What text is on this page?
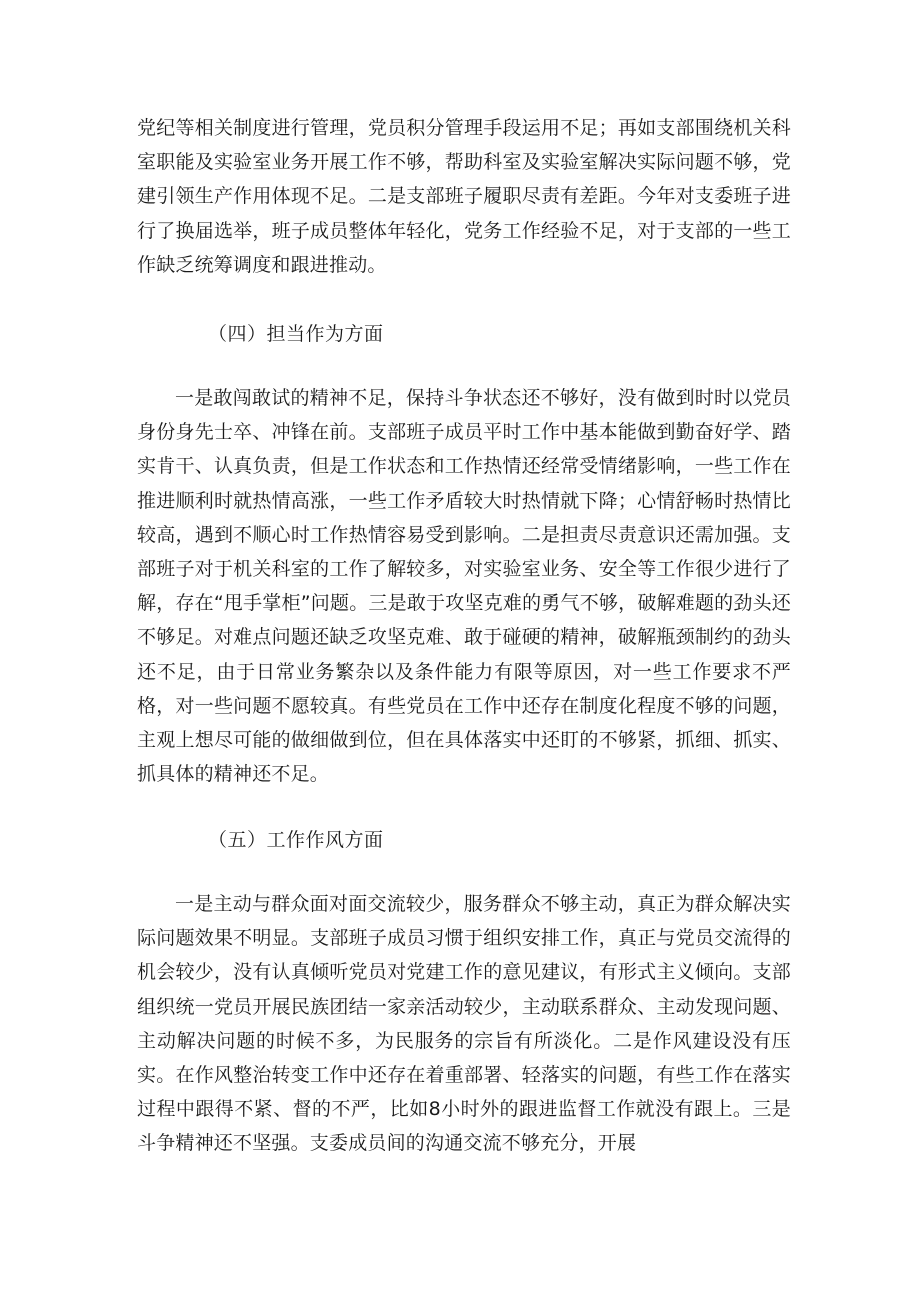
党纪等相关制度进行管理，党员积分管理手段运用不足；再如支部围绕机关科室职能及实验室业务开展工作不够，帮助科室及实验室解决实际问题不够，党建引领生产作用体现不足。二是支部班子履职尽责有差距。今年对支委班子进行了换届选举，班子成员整体年轻化，党务工作经验不足，对于支部的一些工作缺乏统筹调度和跟进推动。

（四）担当作为方面

一是敢闯敢试的精神不足，保持斗争状态还不够好，没有做到时时以党员身份身先士卒、冲锋在前。支部班子成员平时工作中基本能做到勤奋好学、踏实肯干、认真负责，但是工作状态和工作热情还经常受情绪影响，一些工作在推进顺利时就热情高涨，一些工作矛盾较大时热情就下降；心情舒畅时热情比较高，遇到不顺心时工作热情容易受到影响。二是担责尽责意识还需加强。支部班子对于机关科室的工作了解较多，对实验室业务、安全等工作很少进行了解，存在“甩手掌柜”问题。三是敢于攻坚克难的勇气不够，破解难题的劲头还不够足。对难点问题还缺乏攻坚克难、敢于碰硬的精神，破解瓶颈制约的劲头还不足，由于日常业务繁杂以及条件能力有限等原因，对一些工作要求不严格，对一些问题不愿较真。有些党员在工作中还存在制度化程度不够的问题，主观上想尽可能的做细做到位，但在具体落实中还盯的不够紧，抓细、抓实、抓具体的精神还不足。

（五）工作作风方面

一是主动与群众面对面交流较少，服务群众不够主动，真正为群众解决实际问题效果不明显。支部班子成员习惯于组织安排工作，真正与党员交流得的机会较少，没有认真倾听党员对党建工作的意见建议，有形式主义倾向。支部组织统一党员开展民族团结一家亲活动较少，主动联系群众、主动发现问题、主动解决问题的时候不多，为民服务的宗旨有所淡化。二是作风建设没有压实。在作风整治转变工作中还存在着重部署、轻落实的问题，有些工作在落实过程中跟得不紧、督的不严，比如8小时外的跟进监督工作就没有跟上。三是斗争精神还不坚强。支委成员间的沟通交流不够充分，开展
